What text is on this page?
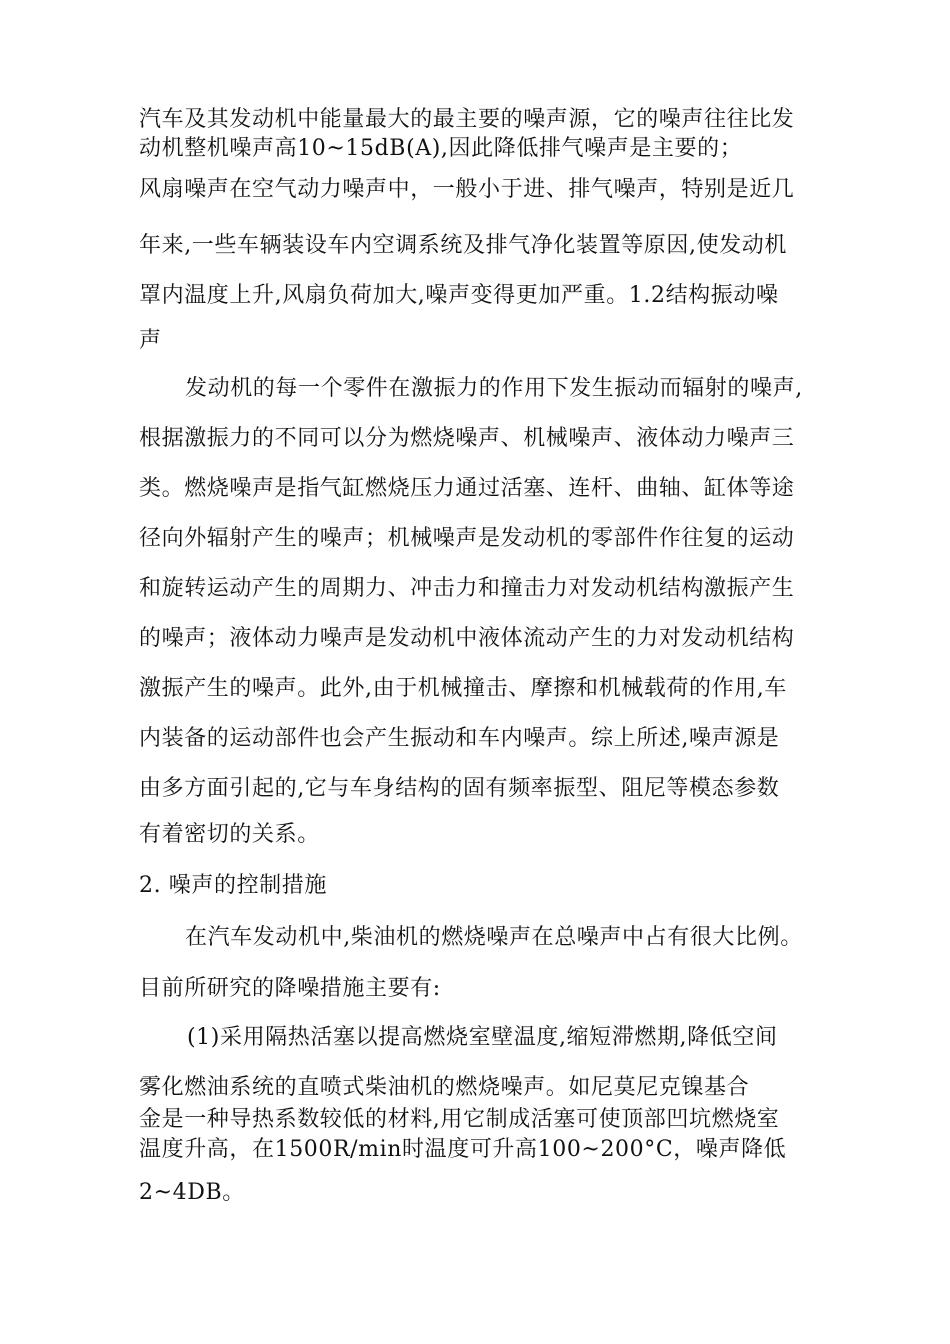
汽车及其发动机中能量最大的最主要的噪声源，它的噪声往往比发
动机整机噪声高10~15dB(A),因此降低排气噪声是主要的；
风扇噪声在空气动力噪声中，一般小于进、排气噪声，特别是近几
年来,一些车辆装设车内空调系统及排气净化装置等原因,使发动机
罩内温度上升,风扇负荷加大,噪声变得更加严重。1.2结构振动噪
声
发动机的每一个零件在激振力的作用下发生振动而辐射的噪声,
根据激振力的不同可以分为燃烧噪声、机械噪声、液体动力噪声三
类。燃烧噪声是指气缸燃烧压力通过活塞、连杆、曲轴、缸体等途
径向外辐射产生的噪声；机械噪声是发动机的零部件作往复的运动
和旋转运动产生的周期力、冲击力和撞击力对发动机结构激振产生
的噪声；液体动力噪声是发动机中液体流动产生的力对发动机结构
激振产生的噪声。此外,由于机械撞击、摩擦和机械载荷的作用,车
内装备的运动部件也会产生振动和车内噪声。综上所述,噪声源是
由多方面引起的,它与车身结构的固有频率振型、阻尼等模态参数
有着密切的关系。
2. 噪声的控制措施
在汽车发动机中,柴油机的燃烧噪声在总噪声中占有很大比例。
目前所研究的降噪措施主要有:
(1)采用隔热活塞以提高燃烧室壁温度,缩短滞燃期,降低空间
雾化燃油系统的直喷式柴油机的燃烧噪声。如尼莫尼克镍基合
金是一种导热系数较低的材料,用它制成活塞可使顶部凹坑燃烧室
温度升高，在1500R/min时温度可升高100~200°C，噪声降低
2~4DB。
